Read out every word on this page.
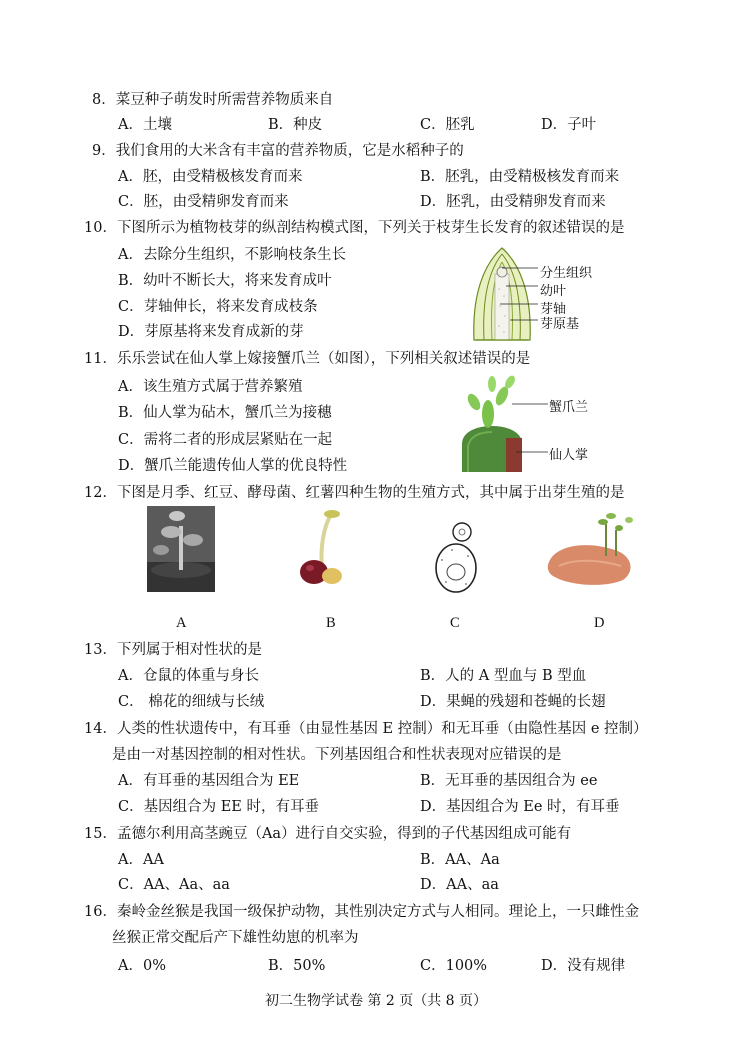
8．菜豆种子萌发时所需营养物质来自
A．土壤	B．种皮	C．胚乳	D．子叶
9．我们食用的大米含有丰富的营养物质，它是水稻种子的
A．胚，由受精极核发育而来	B．胚乳，由受精极核发育而来
C．胚，由受精卵发育而来	D．胚乳，由受精卵发育而来
10．下图所示为植物枝芽的纵剖结构模式图，下列关于枝芽生长发育的叙述错误的是
A．去除分生组织，不影响枝条生长
B．幼叶不断长大，将来发育成叶
C．芽轴伸长，将来发育成枝条
D．芽原基将来发育成新的芽
分生组织
幼叶
芽轴
芽原基
11．乐乐尝试在仙人掌上嫁接蟹爪兰（如图），下列相关叙述错误的是
A．该生殖方式属于营养繁殖
B．仙人掌为砧木，蟹爪兰为接穗
C．需将二者的形成层紧贴在一起
D．蟹爪兰能遗传仙人掌的优良特性
蟹爪兰
仙人掌
12．下图是月季、红豆、酵母菌、红薯四种生物的生殖方式，其中属于出芽生殖的是
A	B	C	D
13．下列属于相对性状的是
A．仓鼠的体重与身长	B．人的 A 型血与 B 型血
C． 棉花的细绒与长绒	D．果蝇的残翅和苍蝇的长翅
14．人类的性状遗传中，有耳垂（由显性基因 E 控制）和无耳垂（由隐性基因 e 控制）
是由一对基因控制的相对性状。下列基因组合和性状表现对应错误的是
A．有耳垂的基因组合为 EE	B．无耳垂的基因组合为 ee
C．基因组合为 EE 时，有耳垂	D．基因组合为 Ee 时，有耳垂
15．孟德尔利用高茎豌豆（Aa）进行自交实验，得到的子代基因组成可能有
A．AA	B．AA、Aa
C．AA、Aa、aa	D．AA、aa
16．秦岭金丝猴是我国一级保护动物，其性别决定方式与人相同。理论上，一只雌性金
丝猴正常交配后产下雄性幼崽的机率为
A．0%	B．50%	C．100%	D．没有规律
初二生物学试卷 第 2 页（共 8 页）
